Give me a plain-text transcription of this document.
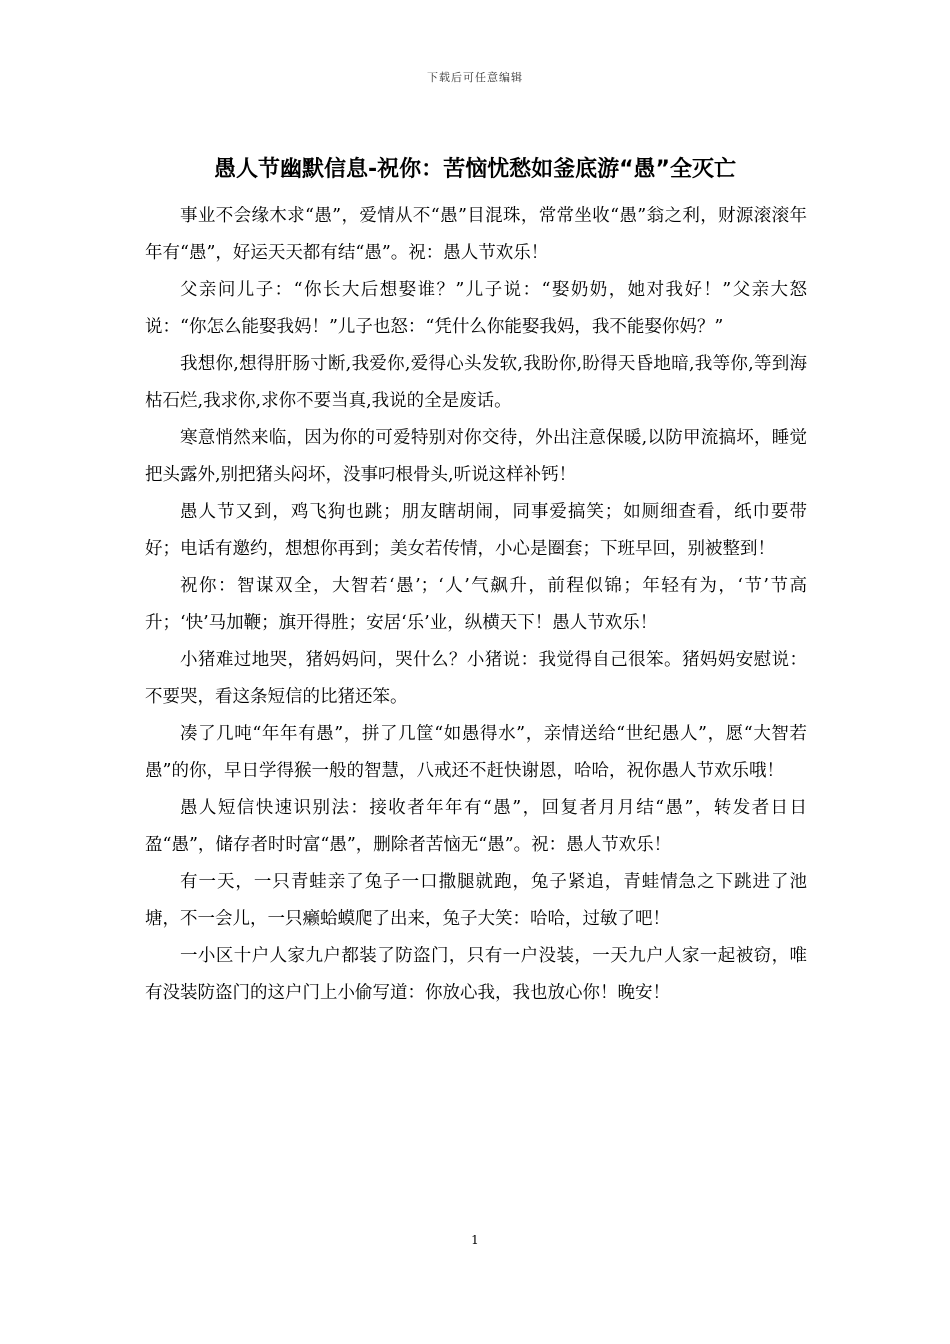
下载后可任意编辑
愚人节幽默信息-祝你：苦恼忧愁如釜底游“愚”全灭亡

事业不会缘木求“愚”，爱情从不“愚”目混珠，常常坐收“愚”翁之利，财源滚滚年年有“愚”，好运天天都有结“愚”。祝：愚人节欢乐！

父亲问儿子：“你长大后想娶谁？”儿子说：“娶奶奶，她对我好！”父亲大怒说：“你怎么能娶我妈！”儿子也怒：“凭什么你能娶我妈，我不能娶你妈？”

我想你,想得肝肠寸断,我爱你,爱得心头发软,我盼你,盼得天昏地暗,我等你,等到海枯石烂,我求你,求你不要当真,我说的全是废话。

寒意悄然来临，因为你的可爱特别对你交待，外出注意保暖,以防甲流搞坏，睡觉把头露外,别把猪头闷坏，没事叼根骨头,听说这样补钙！

愚人节又到，鸡飞狗也跳；朋友瞎胡闹，同事爱搞笑；如厕细查看，纸巾要带好；电话有邀约，想想你再到；美女若传情，小心是圈套；下班早回，别被整到！

祝你：智谋双全，大智若‘愚’；‘人’气飙升，前程似锦；年轻有为，‘节’节高升；‘快’马加鞭；旗开得胜；安居‘乐’业，纵横天下！愚人节欢乐！

小猪难过地哭，猪妈妈问，哭什么？小猪说：我觉得自己很笨。猪妈妈安慰说：不要哭，看这条短信的比猪还笨。

凑了几吨“年年有愚”，拼了几筐“如愚得水”，亲情送给“世纪愚人”，愿“大智若愚”的你，早日学得猴一般的智慧，八戒还不赶快谢恩，哈哈，祝你愚人节欢乐哦！

愚人短信快速识别法：接收者年年有“愚”，回复者月月结“愚”，转发者日日盈“愚”，储存者时时富“愚”，删除者苦恼无“愚”。祝：愚人节欢乐！

有一天，一只青蛙亲了兔子一口撒腿就跑，兔子紧追，青蛙情急之下跳进了池塘，不一会儿，一只癞蛤蟆爬了出来，兔子大笑：哈哈，过敏了吧！

一小区十户人家九户都装了防盗门，只有一户没装，一天九户人家一起被窃，唯有没装防盗门的这户门上小偷写道：你放心我，我也放心你！晚安！

1
